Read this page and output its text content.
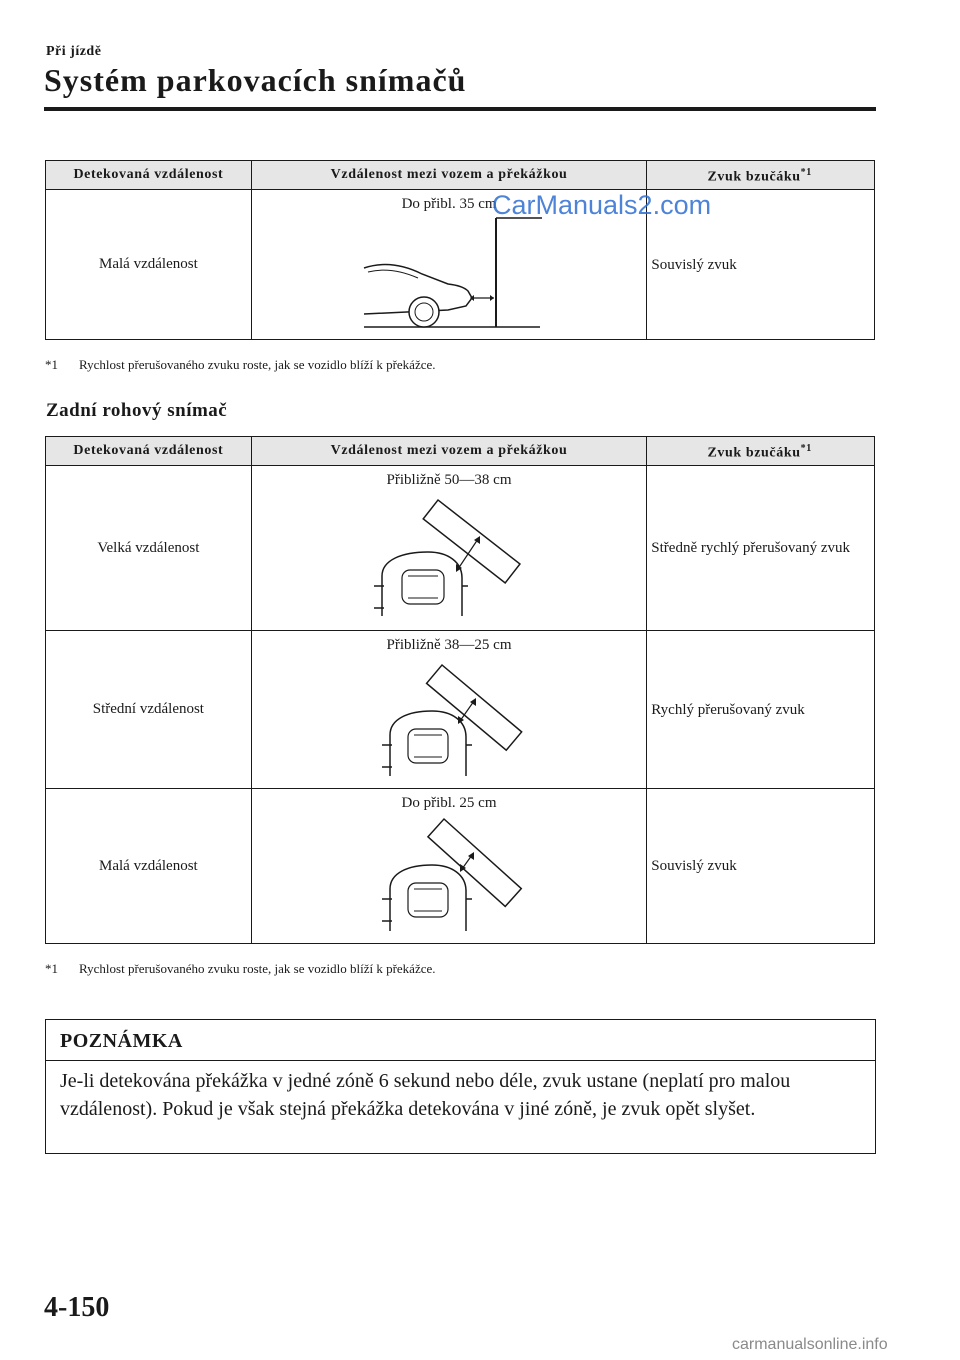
Při jízdě
Systém parkovacích snímačů
Detekovaná vzdálenost	Vzdálenost mezi vozem a překážkou	Zvuk bzučáku$^{*1}$
Malá vzdálenost	Do přibl. 35 cm	Souvislý zvuk
*1 Rychlost přerušovaného zvuku roste, jak se vozidlo blíží k překážce.
Zadní rohový snímač
Detekovaná vzdálenost	Vzdálenost mezi vozem a překážkou	Zvuk bzučáku$^{*1}$
Velká vzdálenost	Přibližně 50—38 cm	Středně rychlý přerušovaný zvuk
Střední vzdálenost	Přibližně 38—25 cm	Rychlý přerušovaný zvuk
Malá vzdálenost	Do přibl. 25 cm	Souvislý zvuk
*1 Rychlost přerušovaného zvuku roste, jak se vozidlo blíží k překážce.
POZNÁMKA
Je-li detekována překážka v jedné zóně 6 sekund nebo déle, zvuk ustane (neplatí pro malou vzdálenost). Pokud je však stejná překážka detekována v jiné zóně, je zvuk opět slyšet.
4-150
CarManuals2.com
carmanualsonline.info
